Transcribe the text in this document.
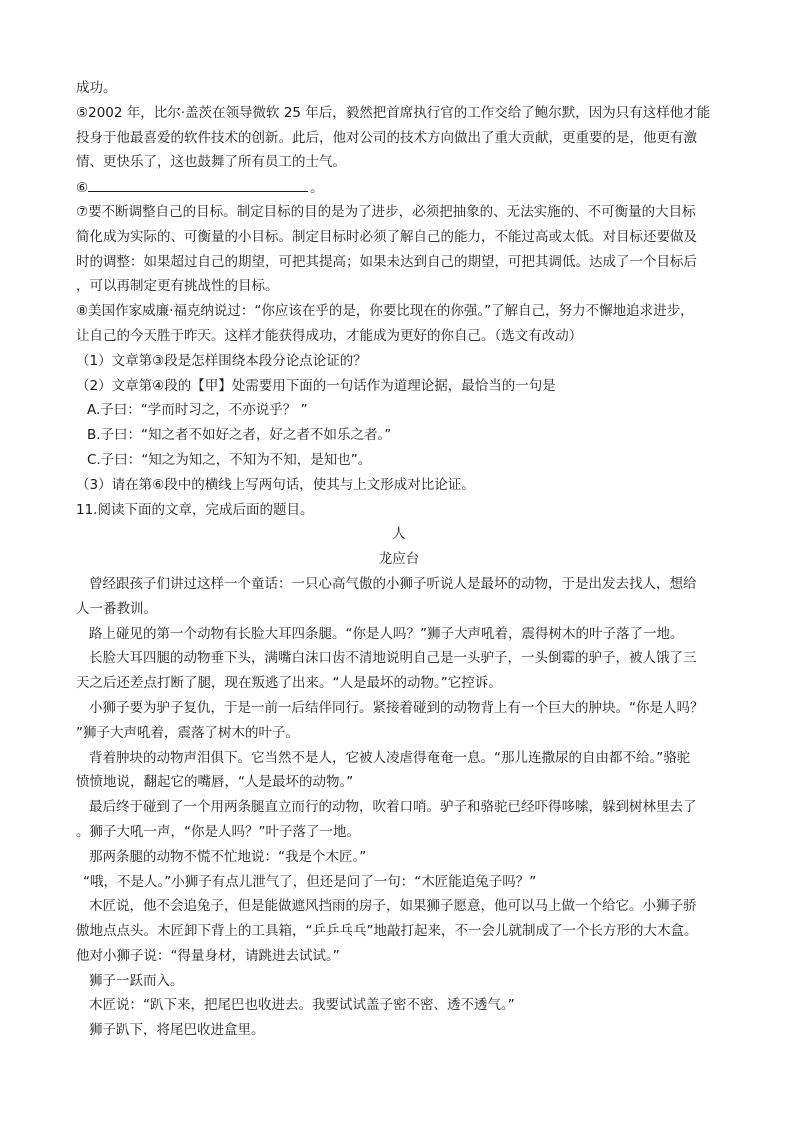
成功。
⑤2002 年，比尔·盖茨在领导微软 25 年后，毅然把首席执行官的工作交给了鲍尔默，因为只有这样他才能
投身于他最喜爱的软件技术的创新。此后，他对公司的技术方向做出了重大贡献，更重要的是，他更有激
情、更快乐了，这也鼓舞了所有员工的士气。
⑥	。
⑦要不断调整自己的目标。制定目标的目的是为了进步，必须把抽象的、无法实施的、不可衡量的大目标
简化成为实际的、可衡量的小目标。制定目标时必须了解自己的能力，不能过高或太低。对目标还要做及
时的调整：如果超过自己的期望，可把其提高；如果未达到自己的期望，可把其调低。达成了一个目标后
，可以再制定更有挑战性的目标。
⑧美国作家威廉·福克纳说过：“你应该在乎的是，你要比现在的你强。”了解自己，努力不懈地追求进步，
让自己的今天胜于昨天。这样才能获得成功，才能成为更好的你自己。（选文有改动）
（1）文章第③段是怎样围绕本段分论点论证的？
（2）文章第④段的【甲】处需要用下面的一句话作为道理论据，最恰当的一句是
A.子曰：“学而时习之，不亦说乎？ ”
B.子曰：“知之者不如好之者，好之者不如乐之者。”
C.子曰：“知之为知之，不知为不知，是知也”。
（3）请在第⑥段中的横线上写两句话，使其与上文形成对比论证。
11.阅读下面的文章，完成后面的题目。
人
龙应台
曾经跟孩子们讲过这样一个童话：一只心高气傲的小狮子听说人是最坏的动物，于是出发去找人，想给
人一番教训。
路上碰见的第一个动物有长脸大耳四条腿。“你是人吗？”狮子大声吼着，震得树木的叶子落了一地。
长脸大耳四腿的动物垂下头，满嘴白沫口齿不清地说明自己是一头驴子，一头倒霉的驴子，被人饿了三
天之后还差点打断了腿，现在叛逃了出来。“人是最坏的动物。”它控诉。
小狮子要为驴子复仇，于是一前一后结伴同行。紧接着碰到的动物背上有一个巨大的肿块。“你是人吗？
”狮子大声吼着，震落了树木的叶子。
背着肿块的动物声泪俱下。它当然不是人，它被人凌虐得奄奄一息。“那儿连撒尿的自由都不给。”骆驼
愤愤地说，翻起它的嘴唇，“人是最坏的动物。”
最后终于碰到了一个用两条腿直立而行的动物，吹着口哨。驴子和骆驼已经吓得哆嗦，躲到树林里去了
。狮子大吼一声，“你是人吗？”叶子落了一地。
那两条腿的动物不慌不忙地说：“我是个木匠。”
“哦，不是人。”小狮子有点儿泄气了，但还是问了一句：“木匠能追兔子吗？”
木匠说，他不会追兔子，但是能做遮风挡雨的房子，如果狮子愿意，他可以马上做一个给它。小狮子骄
傲地点点头。木匠卸下背上的工具箱，“乒乒乓乓”地敲打起来，不一会儿就制成了一个长方形的大木盒。
他对小狮子说：“得量身材，请跳进去试试。”
狮子一跃而入。
木匠说：“趴下来，把尾巴也收进去。我要试试盖子密不密、透不透气。”
狮子趴下，将尾巴收进盒里。
